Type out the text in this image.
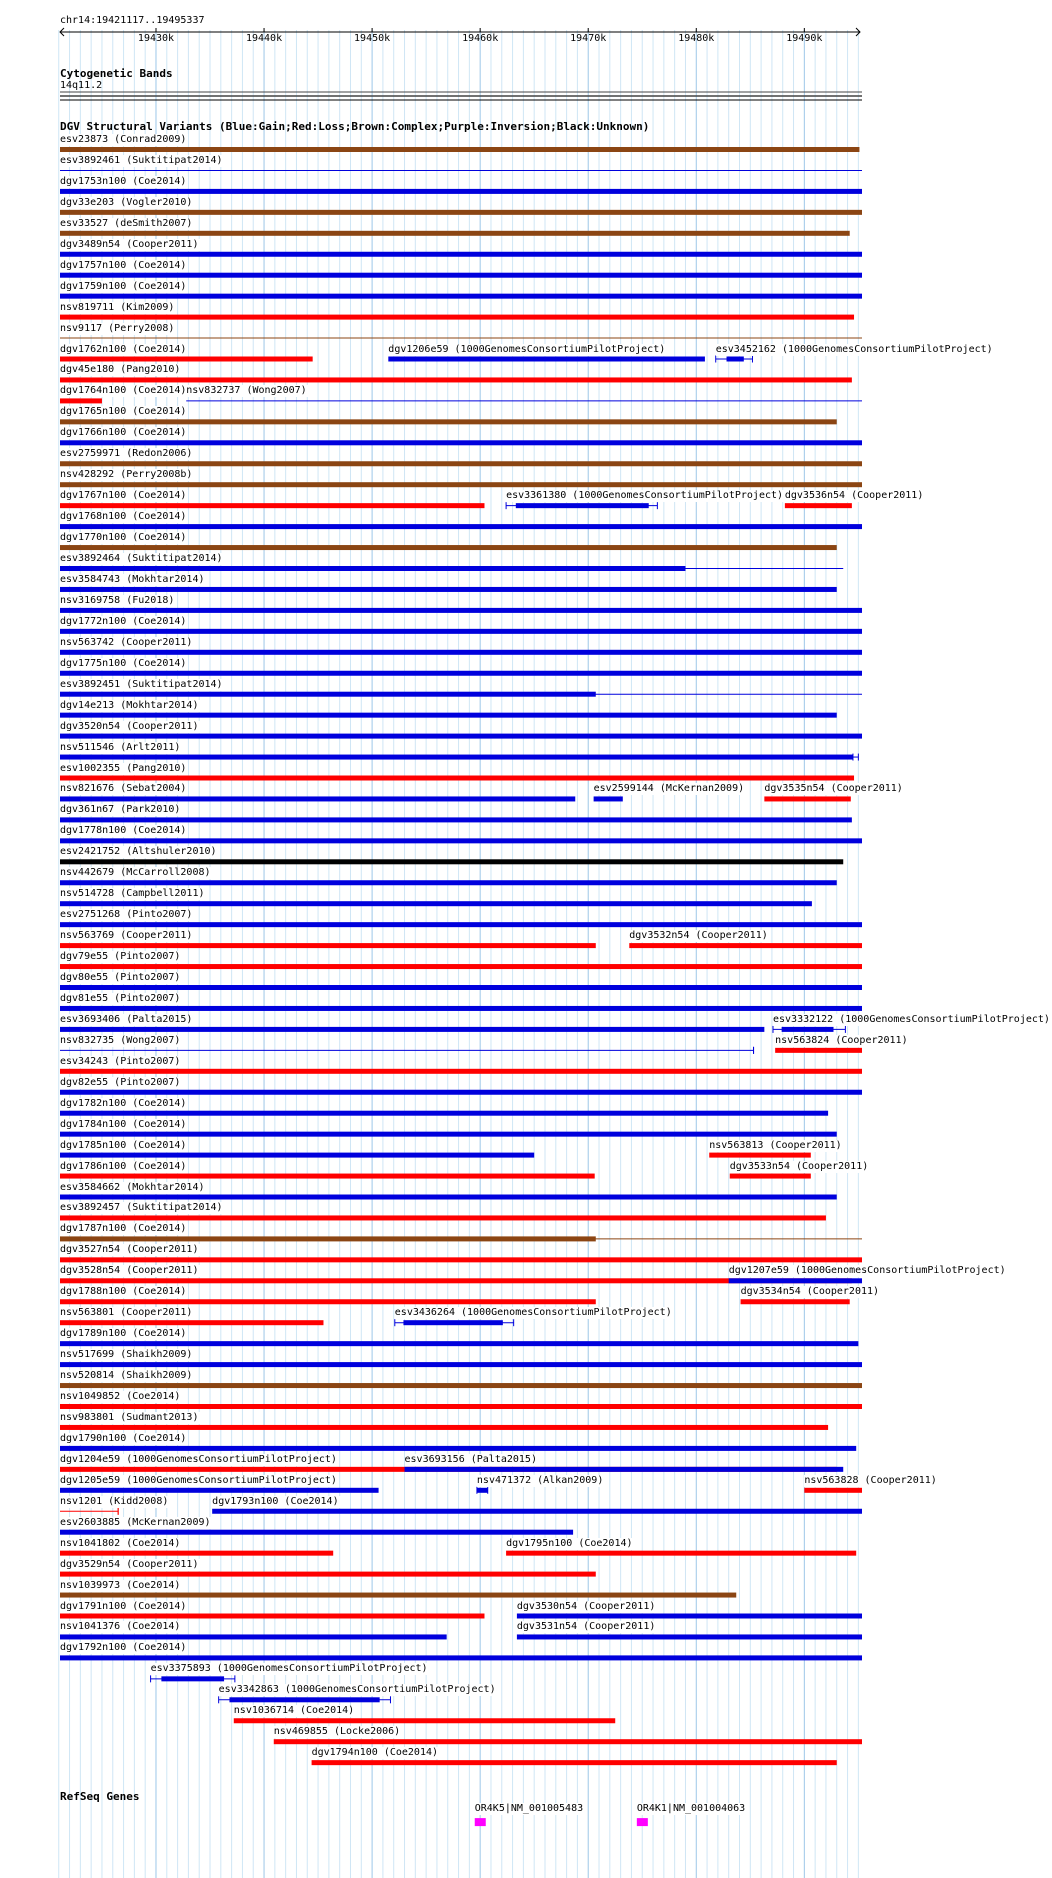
chr14:19421117..19495337
19430k	19440k	19450k	19460k	19470k	19480k	19490k
Cytogenetic Bands
14q11.2
DGV Structural Variants (Blue:Gain;Red:Loss;Brown:Complex;Purple:Inversion;Black:Unknown)
esv23873 (Conrad2009)
esv3892461 (Suktitipat2014)
dgv1753n100 (Coe2014)
dgv33e203 (Vogler2010)
esv33527 (deSmith2007)
dgv3489n54 (Cooper2011)
dgv1757n100 (Coe2014)
dgv1759n100 (Coe2014)
nsv819711 (Kim2009)
nsv9117 (Perry2008)
dgv1762n100 (Coe2014)	dgv1206e59 (1000GenomesConsortiumPilotProject)	esv3452162 (1000GenomesConsortiumPilotProject)
dgv45e180 (Pang2010)
dgv1764n100 (Coe2014) nsv832737 (Wong2007)
dgv1765n100 (Coe2014)
dgv1766n100 (Coe2014)
esv2759971 (Redon2006)
nsv428292 (Perry2008b)
dgv1767n100 (Coe2014)	esv3361380 (1000GenomesConsortiumPilotProject) dgv3536n54 (Cooper2011)
dgv1768n100 (Coe2014)
dgv1770n100 (Coe2014)
esv3892464 (Suktitipat2014)
esv3584743 (Mokhtar2014)
nsv3169758 (Fu2018)
dgv1772n100 (Coe2014)
nsv563742 (Cooper2011)
dgv1775n100 (Coe2014)
esv3892451 (Suktitipat2014)
dgv14e213 (Mokhtar2014)
dgv3520n54 (Cooper2011)
nsv511546 (Arlt2011)
esv1002355 (Pang2010)
nsv821676 (Sebat2004)	esv2599144 (McKernan2009) dgv3535n54 (Cooper2011)
dgv361n67 (Park2010)
dgv1778n100 (Coe2014)
esv2421752 (Altshuler2010)
nsv442679 (McCarroll2008)
nsv514728 (Campbell2011)
esv2751268 (Pinto2007)
nsv563769 (Cooper2011)	dgv3532n54 (Cooper2011)
dgv79e55 (Pinto2007)
dgv80e55 (Pinto2007)
dgv81e55 (Pinto2007)
esv3693406 (Palta2015)	esv3332122 (1000GenomesConsortiumPilotProject)
nsv832735 (Wong2007)	nsv563824 (Cooper2011)
esv34243 (Pinto2007)
dgv82e55 (Pinto2007)
dgv1782n100 (Coe2014)
dgv1784n100 (Coe2014)
dgv1785n100 (Coe2014)	nsv563813 (Cooper2011)
dgv1786n100 (Coe2014)	dgv3533n54 (Cooper2011)
esv3584662 (Mokhtar2014)
esv3892457 (Suktitipat2014)
dgv1787n100 (Coe2014)
dgv3527n54 (Cooper2011)
dgv3528n54 (Cooper2011)	dgv1207e59 (1000GenomesConsortiumPilotProject)
dgv1788n100 (Coe2014)	dgv3534n54 (Cooper2011)
esv3436264 (1000GenomesConsortiumPilotProject)
nsv563801 (Cooper2011)
dgv1789n100 (Coe2014)
nsv517699 (Shaikh2009)
nsv520814 (Shaikh2009)
nsv1049852 (Coe2014)
nsv983801 (Sudmant2013)
dgv1790n100 (Coe2014)
dgv1204e59 (1000GenomesConsortiumPilotProject)	esv3693156 (Palta2015)
dgv1205e59 (1000GenomesConsortiumPilotProject)	nsv471372 (Alkan2009)	nsv563828 (Cooper2011)
nsv1201 (Kidd2008)	dgv1793n100 (Coe2014)
esv2603885 (McKernan2009)
nsv1041802 (Coe2014)	dgv1795n100 (Coe2014)
dgv3529n54 (Cooper2011)
nsv1039973 (Coe2014)
dgv1791n100 (Coe2014)	dgv3530n54 (Cooper2011)
nsv1041376 (Coe2014)	dgv3531n54 (Cooper2011)
dgv1792n100 (Coe2014)
esv3375893 (1000GenomesConsortiumPilotProject)
esv3342863 (1000GenomesConsortiumPilotProject)
nsv1036714 (Coe2014)
nsv469855 (Locke2006)
dgv1794n100 (Coe2014)
RefSeq Genes
OR4K5|NM_001005483	OR4K1|NM_001004063
